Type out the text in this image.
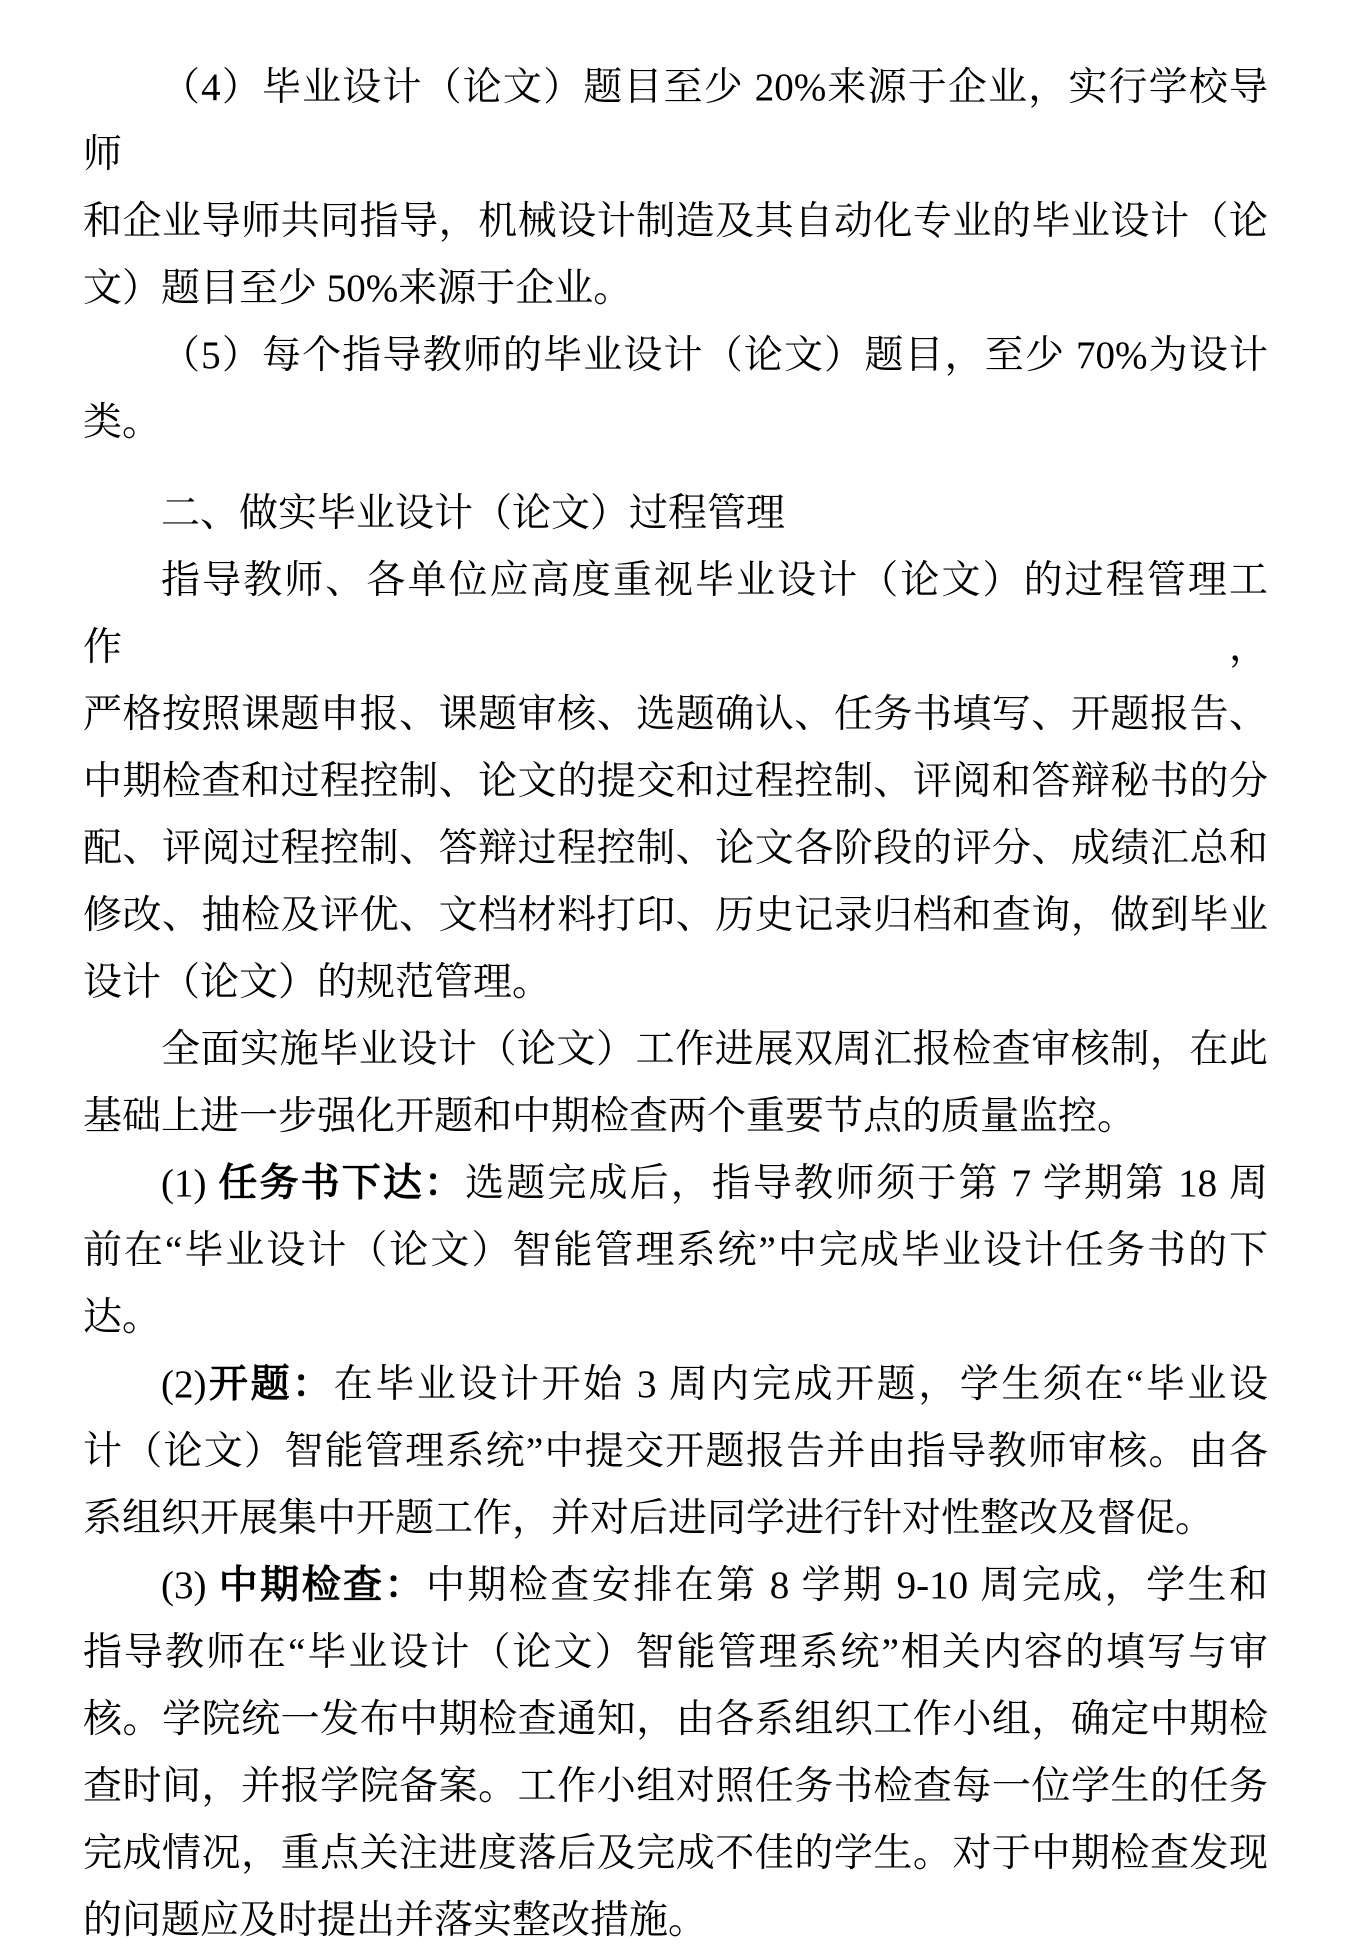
（4）毕业设计（论文）题目至少 20%来源于企业，实行学校导师
和企业导师共同指导，机械设计制造及其自动化专业的毕业设计（论
文）题目至少 50%来源于企业。
（5）每个指导教师的毕业设计（论文）题目，至少 70%为设计类。
二、做实毕业设计（论文）过程管理
指导教师、各单位应高度重视毕业设计（论文）的过程管理工作，
严格按照课题申报、课题审核、选题确认、任务书填写、开题报告、
中期检查和过程控制、论文的提交和过程控制、评阅和答辩秘书的分
配、评阅过程控制、答辩过程控制、论文各阶段的评分、成绩汇总和
修改、抽检及评优、文档材料打印、历史记录归档和查询，做到毕业
设计（论文）的规范管理。
全面实施毕业设计（论文）工作进展双周汇报检查审核制，在此
基础上进一步强化开题和中期检查两个重要节点的质量监控。
(1) 任务书下达：选题完成后，指导教师须于第 7 学期第 18 周
前在“毕业设计（论文）智能管理系统”中完成毕业设计任务书的下
达。
(2)开题：在毕业设计开始 3 周内完成开题，学生须在“毕业设
计（论文）智能管理系统”中提交开题报告并由指导教师审核。由各
系组织开展集中开题工作，并对后进同学进行针对性整改及督促。
(3) 中期检查：中期检查安排在第 8 学期 9-10 周完成，学生和
指导教师在“毕业设计（论文）智能管理系统”相关内容的填写与审
核。学院统一发布中期检查通知，由各系组织工作小组，确定中期检
查时间，并报学院备案。工作小组对照任务书检查每一位学生的任务
完成情况，重点关注进度落后及完成不佳的学生。对于中期检查发现
的问题应及时提出并落实整改措施。
